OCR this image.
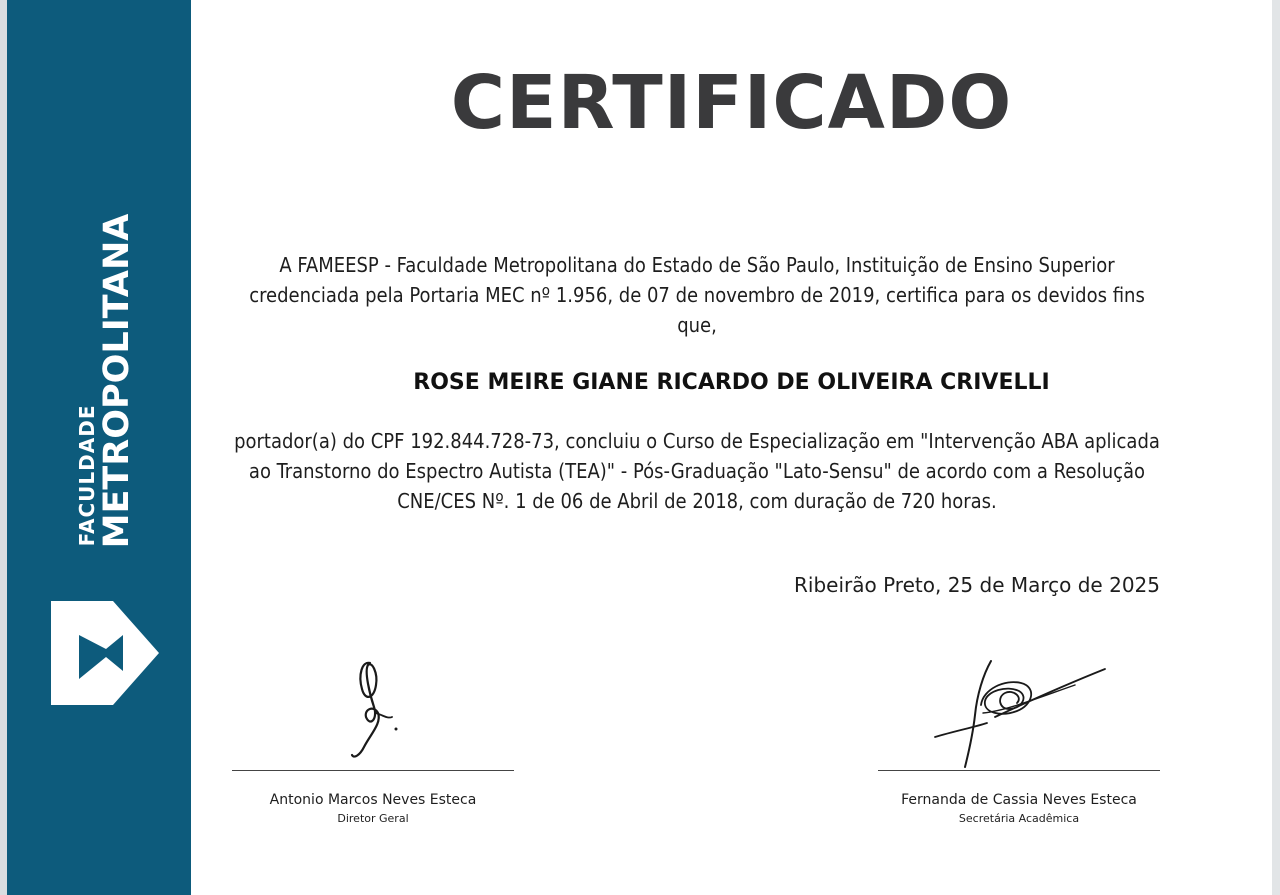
FACULDADE
METROPOLITANA
CERTIFICADO
A FAMEESP - Faculdade Metropolitana do Estado de São Paulo, Instituição de Ensino Superior credenciada pela Portaria MEC nº 1.956, de 07 de novembro de 2019, certifica para os devidos fins que,
ROSE MEIRE GIANE RICARDO DE OLIVEIRA CRIVELLI
portador(a) do CPF 192.844.728-73, concluiu o Curso de Especialização em "Intervenção ABA aplicada ao Transtorno do Espectro Autista (TEA)" - Pós-Graduação "Lato-Sensu" de acordo com a Resolução CNE/CES Nº. 1 de 06 de Abril de 2018, com duração de 720 horas.
Ribeirão Preto, 25 de Março de 2025
Antonio Marcos Neves Esteca
Diretor Geral
Fernanda de Cassia Neves Esteca
Secretária Acadêmica
